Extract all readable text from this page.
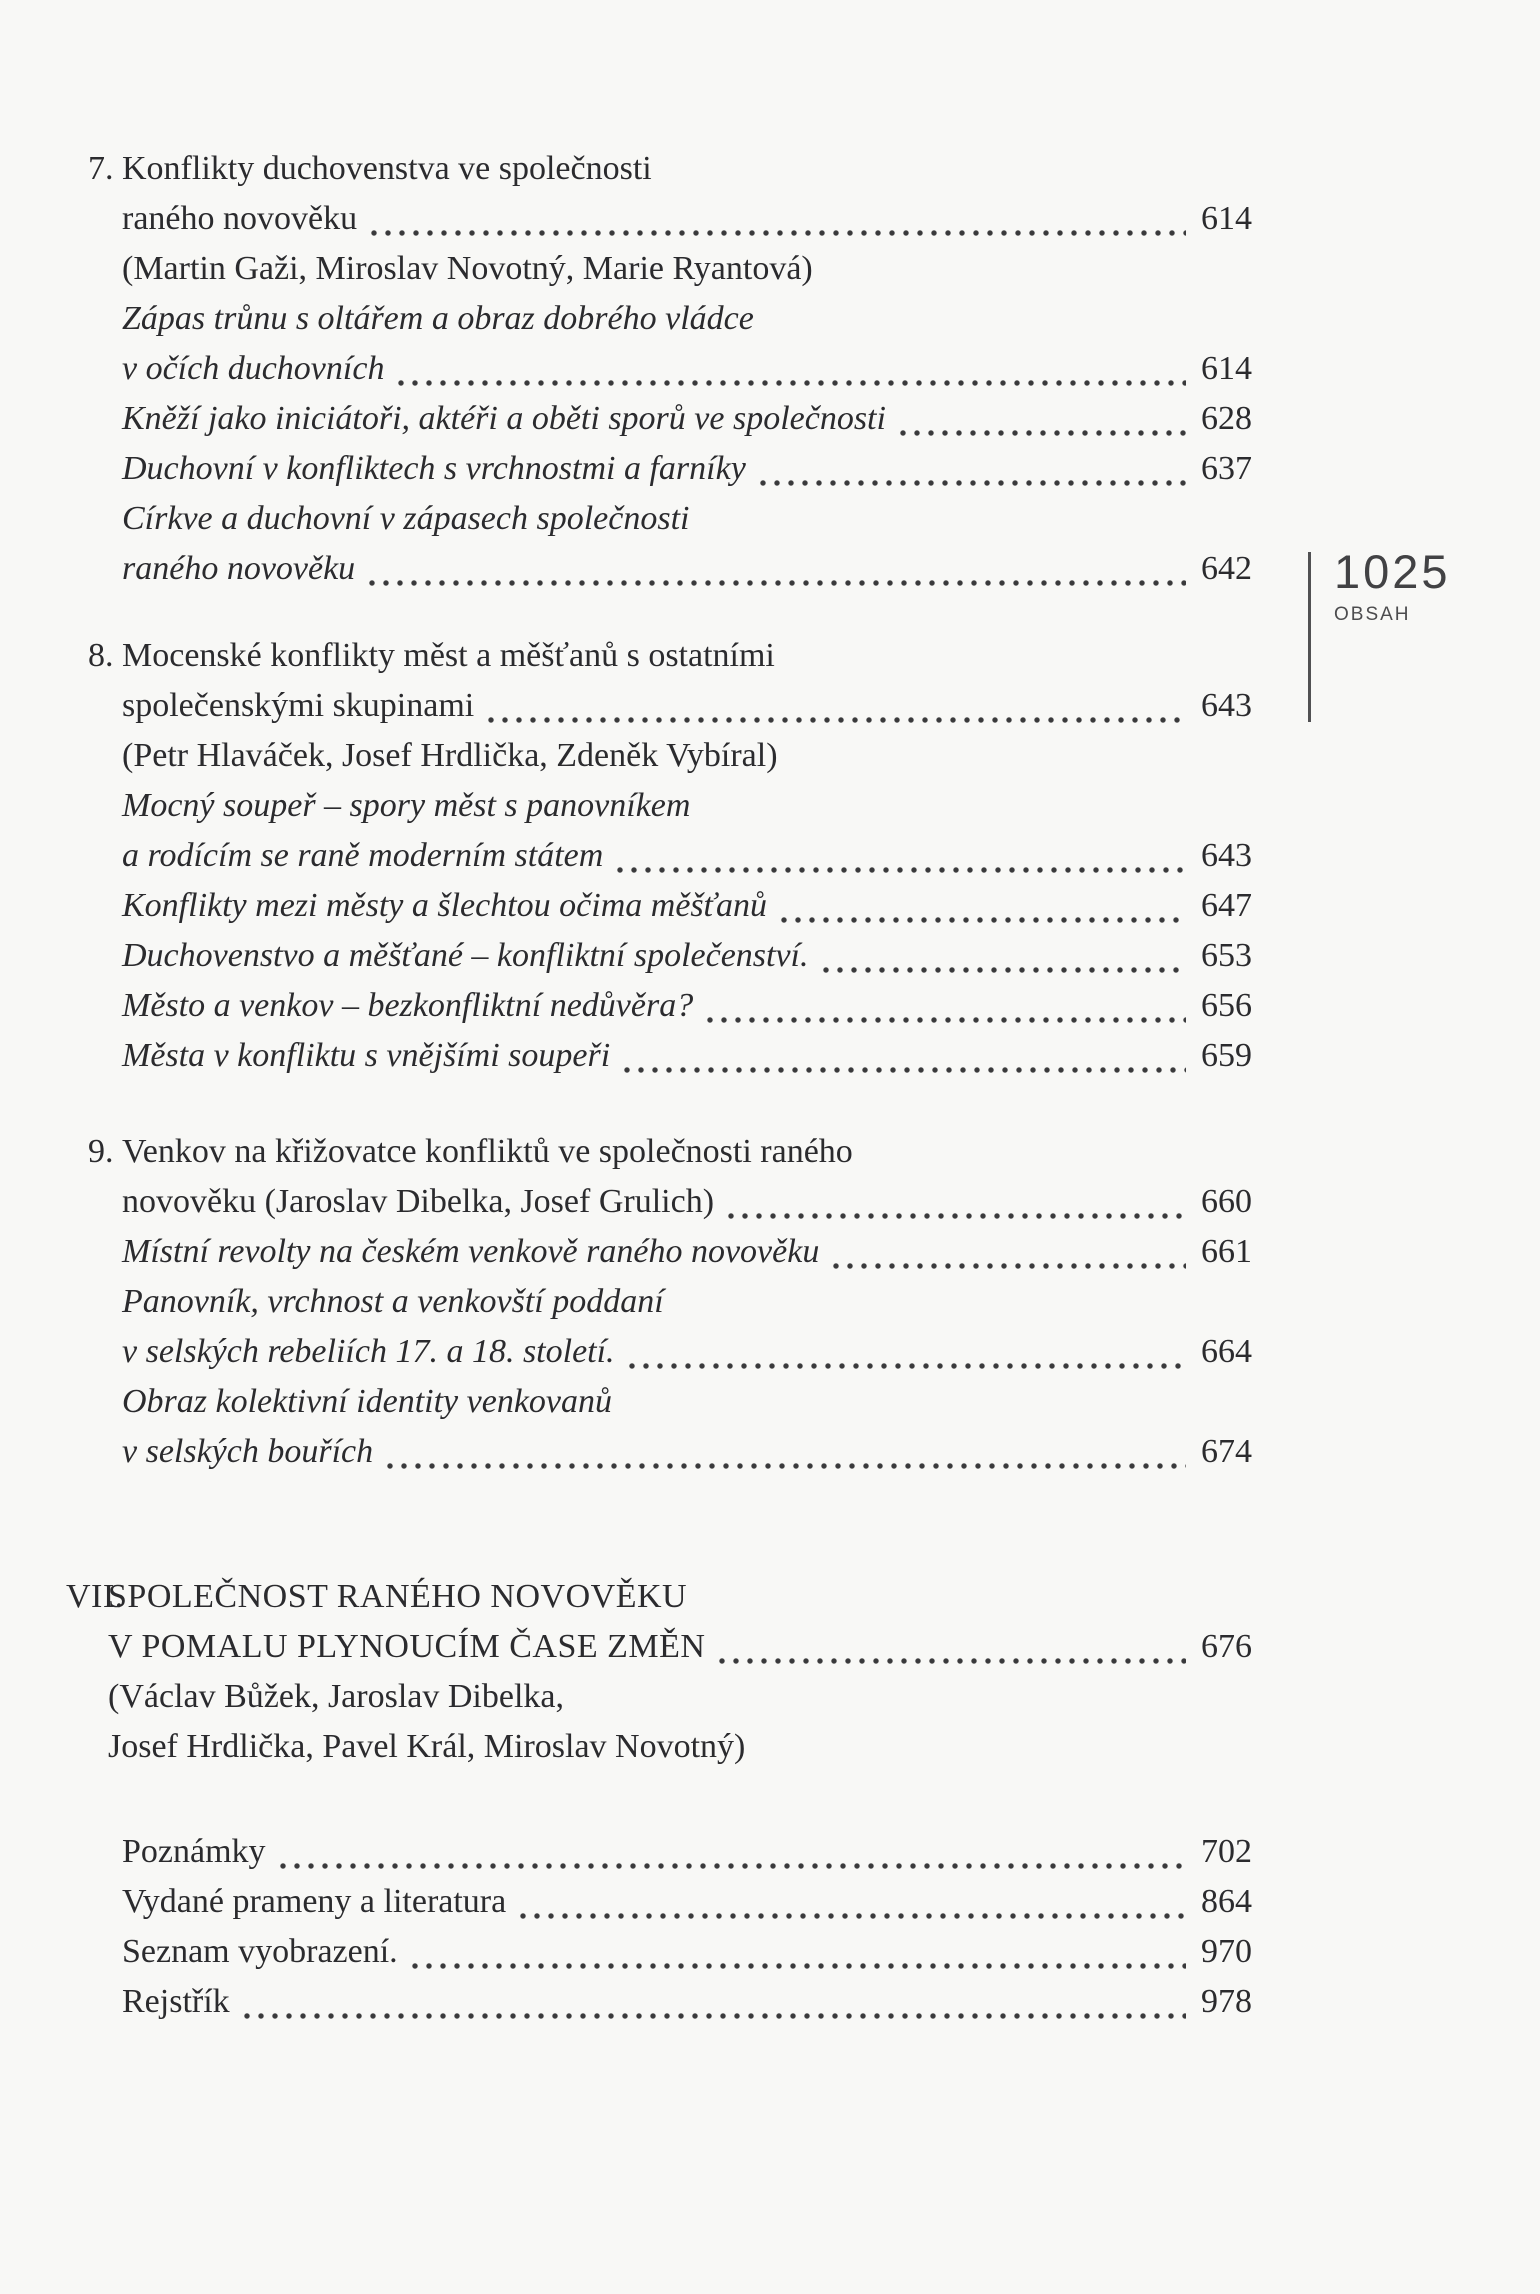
7. Konflikty duchovenstva ve společnosti
raného novověku	614
(Martin Gaži, Miroslav Novotný, Marie Ryantová)
Zápas trůnu s oltářem a obraz dobrého vládce
v očích duchovních	614
Kněží jako iniciátoři, aktéři a oběti sporů ve společnosti	628
Duchovní v konfliktech s vrchnostmi a farníky	637
Církve a duchovní v zápasech společnosti
raného novověku	642
8. Mocenské konflikty měst a měšťanů s ostatními
společenskými skupinami	643
(Petr Hlaváček, Josef Hrdlička, Zdeněk Vybíral)
Mocný soupeř – spory měst s panovníkem
a rodícím se raně moderním státem	643
Konflikty mezi městy a šlechtou očima měšťanů	647
Duchovenstvo a měšťané – konfliktní společenství.	653
Město a venkov – bezkonfliktní nedůvěra?	656
Města v konfliktu s vnějšími soupeři	659
9. Venkov na křižovatce konfliktů ve společnosti raného
novověku (Jaroslav Dibelka, Josef Grulich)	660
Místní revolty na českém venkově raného novověku	661
Panovník, vrchnost a venkovští poddaní
v selských rebeliích 17. a 18. století.	664
Obraz kolektivní identity venkovanů
v selských bouřích	674
VII.
SPOLEČNOST RANÉHO NOVOVĚKU
V POMALU PLYNOUCÍM ČASE ZMĚN	676
(Václav Bůžek, Jaroslav Dibelka,
Josef Hrdlička, Pavel Král, Miroslav Novotný)
Poznámky	702
Vydané prameny a literatura	864
Seznam vyobrazení.	970
Rejstřík	978
1025
OBSAH
